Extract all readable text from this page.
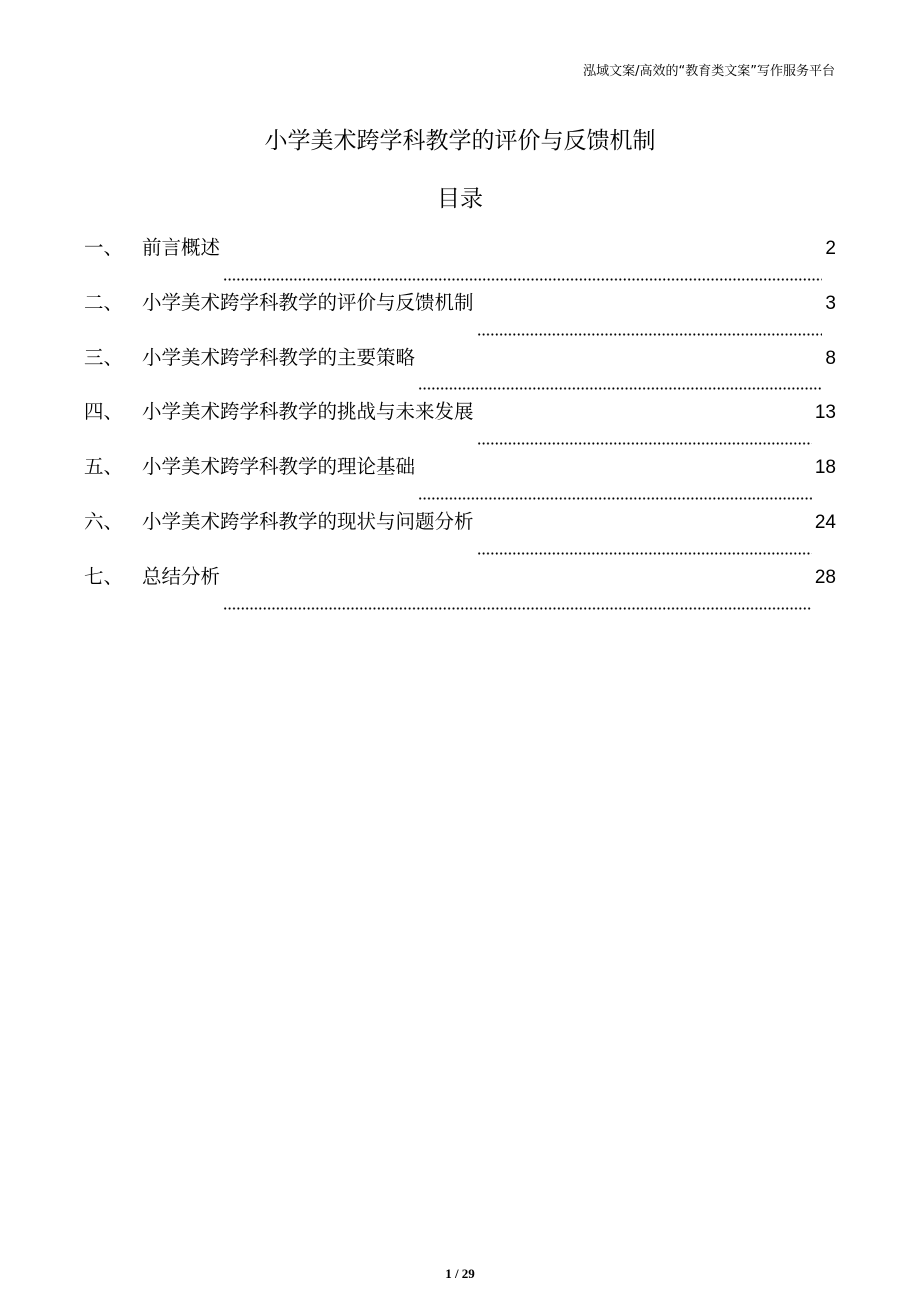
泓域文案/高效的“教育类文案”写作服务平台
小学美术跨学科教学的评价与反馈机制
目录
一、 前言概述	2
二、 小学美术跨学科教学的评价与反馈机制	3
三、 小学美术跨学科教学的主要策略	8
四、 小学美术跨学科教学的挑战与未来发展	13
五、 小学美术跨学科教学的理论基础	18
六、 小学美术跨学科教学的现状与问题分析	24
七、 总结分析	28
1 / 29
